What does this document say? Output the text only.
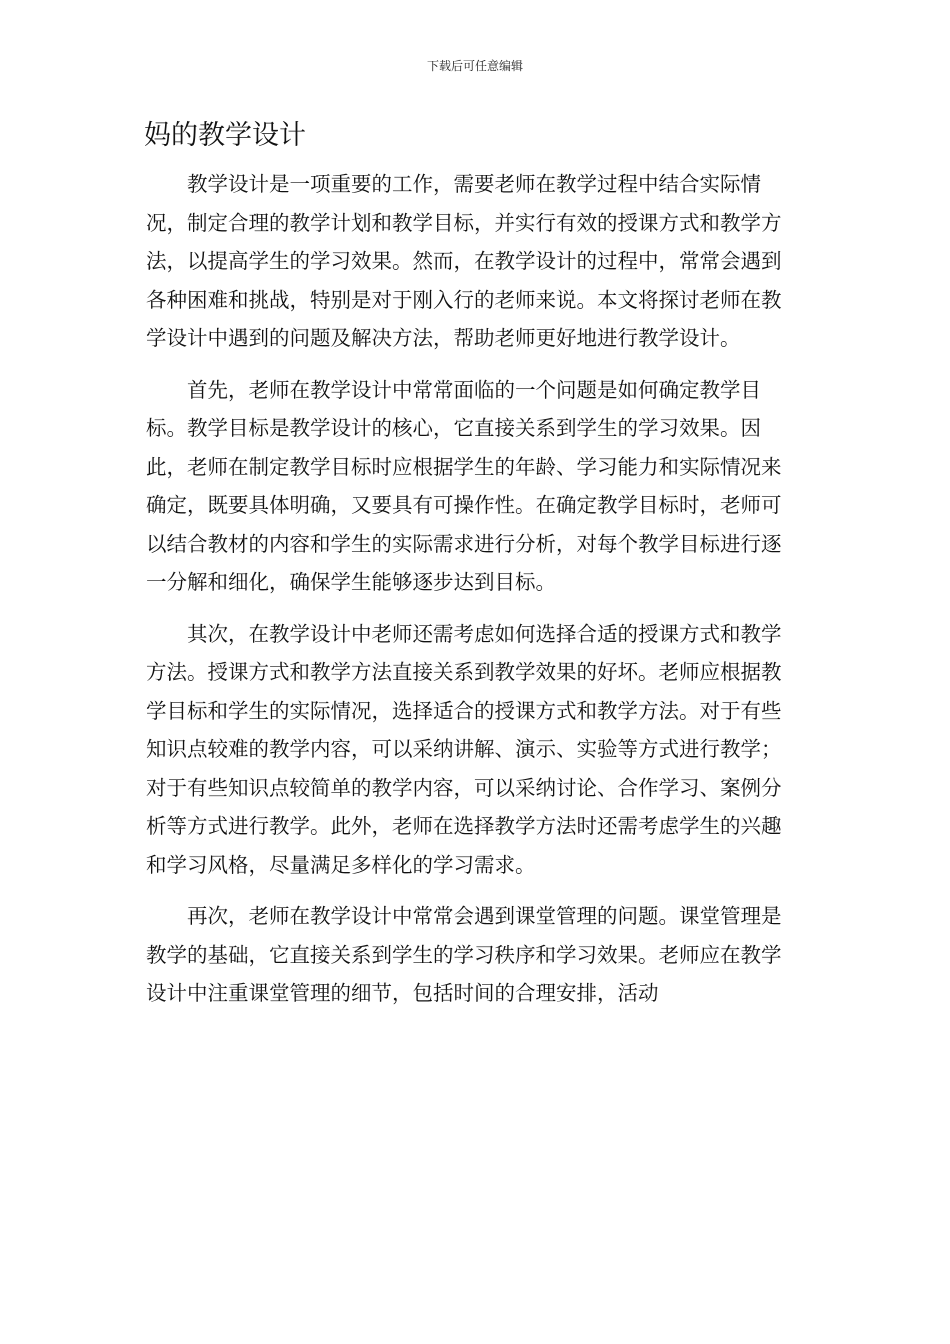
下载后可任意编辑
妈的教学设计

教学设计是一项重要的工作，需要老师在教学过程中结合实际情况，制定合理的教学计划和教学目标，并实行有效的授课方式和教学方法，以提高学生的学习效果。然而，在教学设计的过程中，常常会遇到各种困难和挑战，特别是对于刚入行的老师来说。本文将探讨老师在教学设计中遇到的问题及解决方法，帮助老师更好地进行教学设计。

首先，老师在教学设计中常常面临的一个问题是如何确定教学目标。教学目标是教学设计的核心，它直接关系到学生的学习效果。因此，老师在制定教学目标时应根据学生的年龄、学习能力和实际情况来确定，既要具体明确，又要具有可操作性。在确定教学目标时，老师可以结合教材的内容和学生的实际需求进行分析，对每个教学目标进行逐一分解和细化，确保学生能够逐步达到目标。

其次，在教学设计中老师还需考虑如何选择合适的授课方式和教学方法。授课方式和教学方法直接关系到教学效果的好坏。老师应根据教学目标和学生的实际情况，选择适合的授课方式和教学方法。对于有些知识点较难的教学内容，可以采纳讲解、演示、实验等方式进行教学；对于有些知识点较简单的教学内容，可以采纳讨论、合作学习、案例分析等方式进行教学。此外，老师在选择教学方法时还需考虑学生的兴趣和学习风格，尽量满足多样化的学习需求。

再次，老师在教学设计中常常会遇到课堂管理的问题。课堂管理是教学的基础，它直接关系到学生的学习秩序和学习效果。老师应在教学设计中注重课堂管理的细节，包括时间的合理安排，活动
